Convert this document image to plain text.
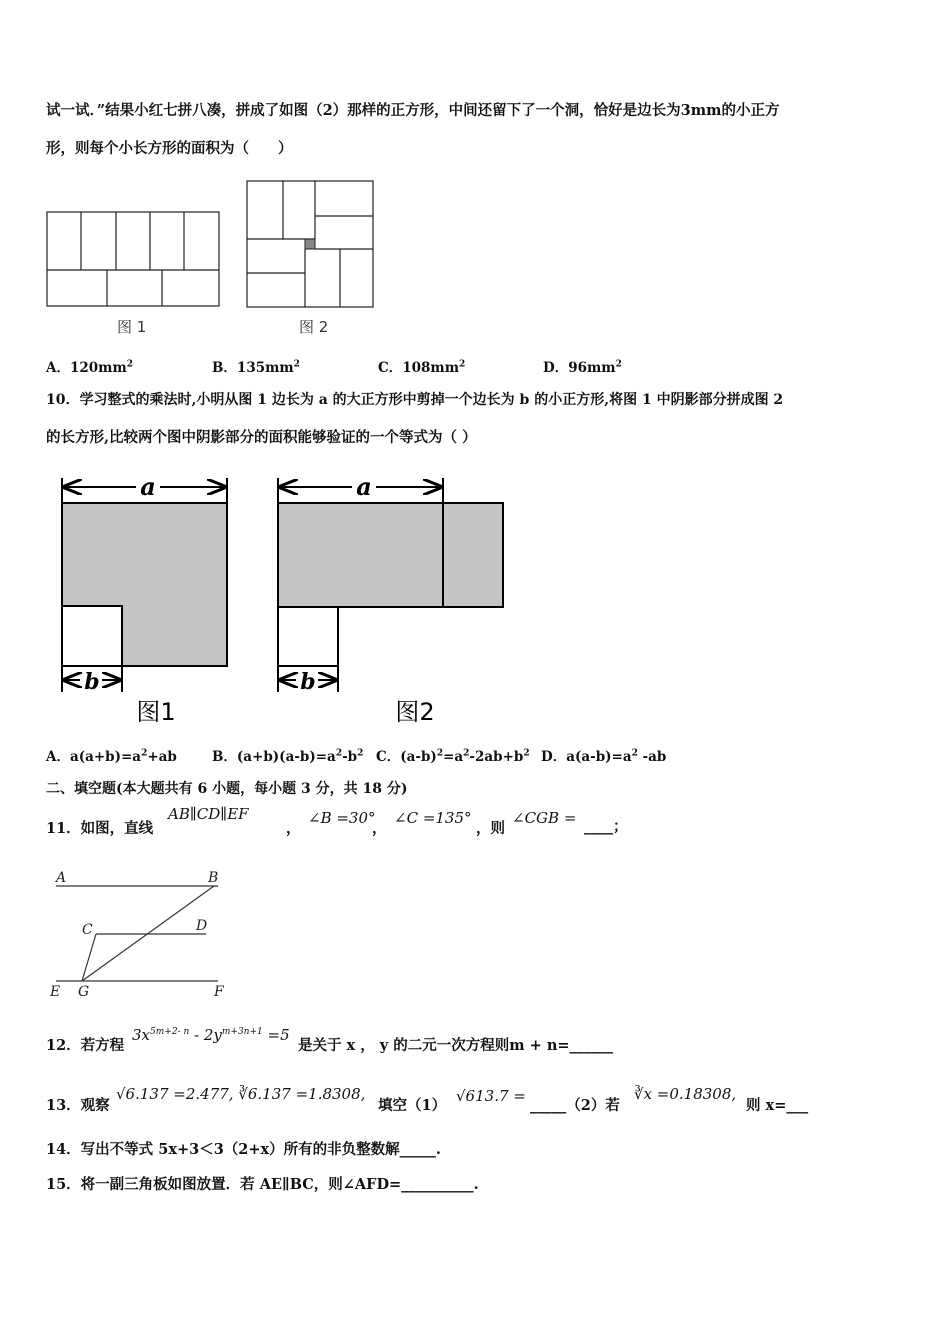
试一试．”结果小红七拼八凑，拼成了如图（2）那样的正方形，中间还留下了一个洞，恰好是边长为3mm的小正方
形，则每个小长方形的面积为（　　）
图 1	图 2
A．$120mm^2$	B．$135mm^2$	C．$108mm^2$	D．$96mm^2$
10．学习整式的乘法时,小明从图 1 边长为 a 的大正方形中剪掉一个边长为 b 的小正方形,将图 1 中阴影部分拼成图 2
的长方形,比较两个图中阴影部分的面积能够验证的一个等式为（ ）
a
b
图1
a
b
图2
A．$a(a+b)=a^2+ab$	B．$(a+b)(a-b)=a^2-b^2$ C．$(a-b)^2=a^2-2ab+b^2$ D．$a(a-b)=a^2$ -ab
二、填空题(本大题共有 6 小题，每小题 3 分，共 18 分)
11．如图，直线
AB∥CD∥EF
，
∠B =30°
，
∠C =135°
，则
∠CGB = ____；
A	B
C	D
E G	F
12．若方程
$3x^{5m+2- n} - 2y^{m+3n+1} =5$
是关于 x ， y 的二元一次方程则m + n=______
13．观察
√6.137 =2.477, ∛6.137 =1.8308,
填空（1）
√613.7 =
_____（2）若
∛x =0.18308,
则 x=___
14．写出不等式 5x+3＜3（2+x）所有的非负整数解_____.
15．将一副三角板如图放置．若 AE∥BC，则∠AFD=__________.
